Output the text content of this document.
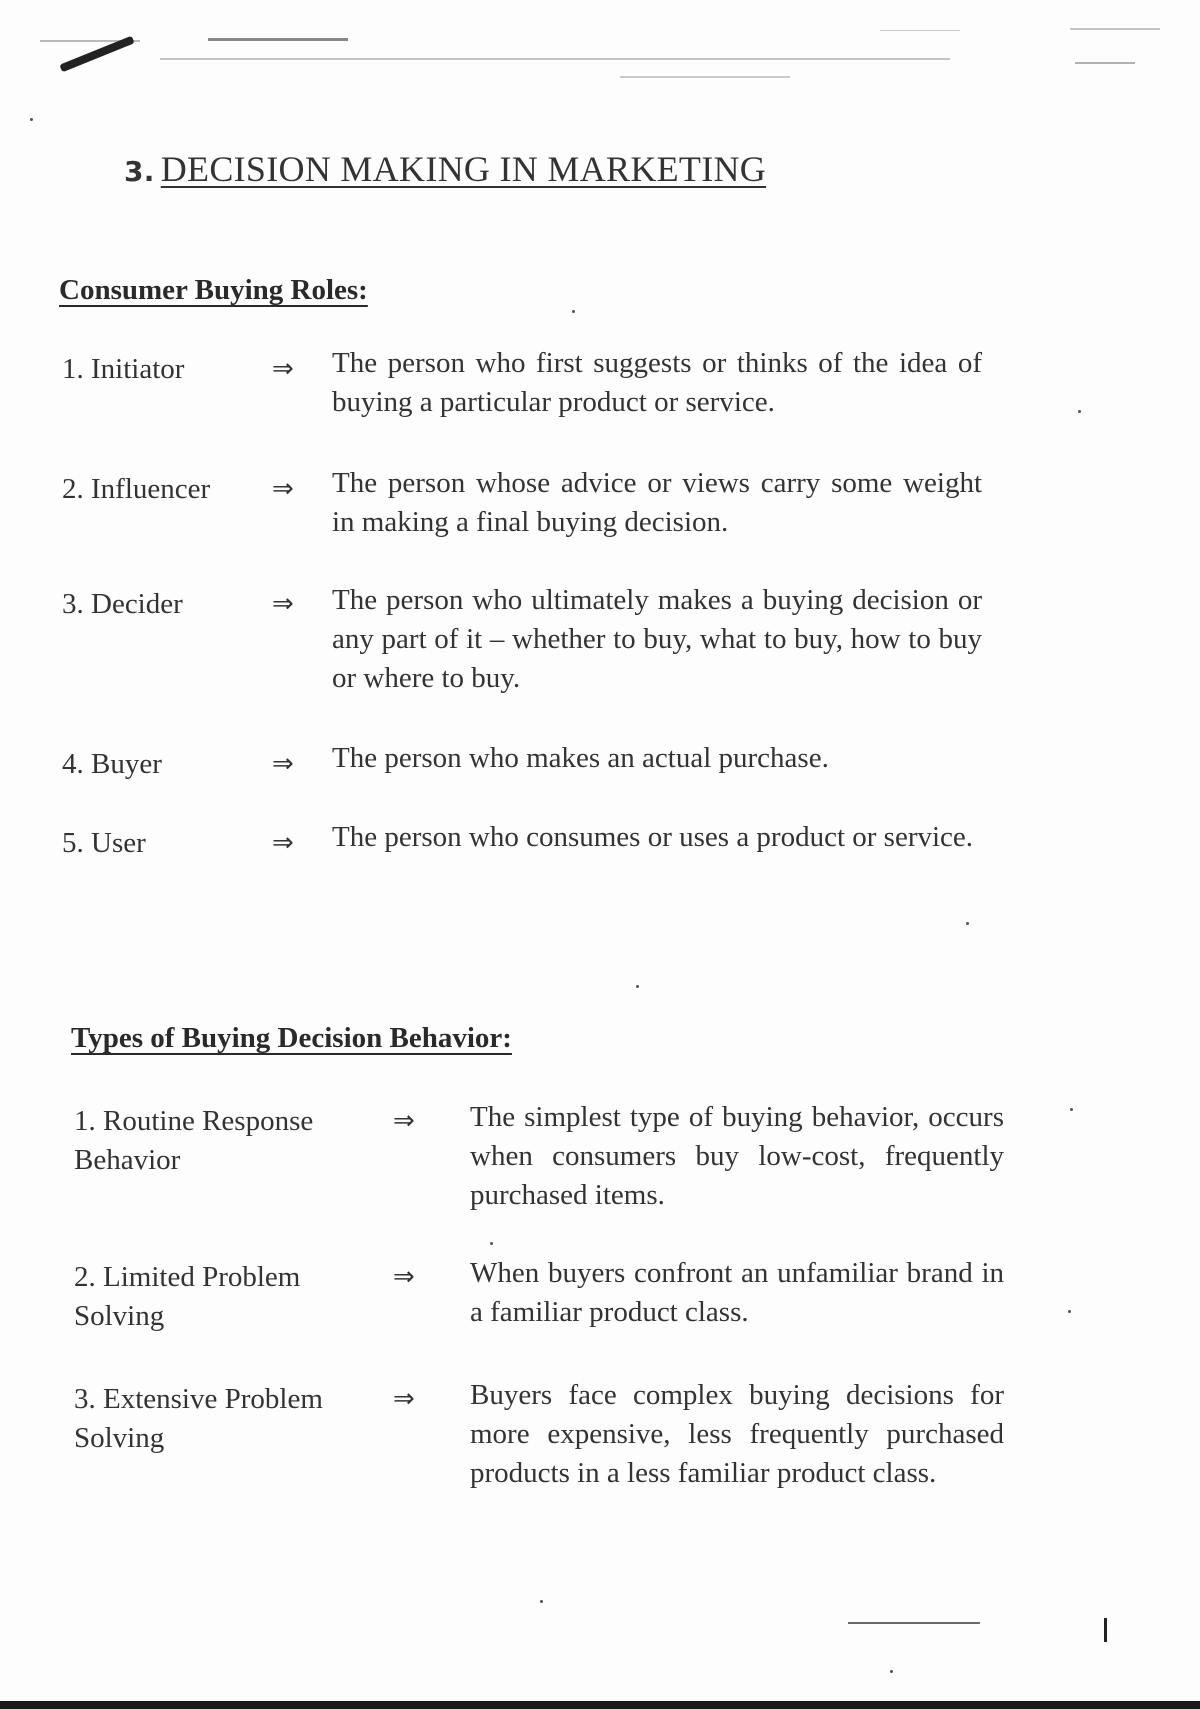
3. DECISION MAKING IN MARKETING
Consumer Buying Roles:
1. Initiator	⇒ The person who first suggests or thinks of the idea of buying a particular product or service.
2. Influencer ⇒ The person whose advice or views carry some weight in making a final buying decision.
3. Decider	⇒ The person who ultimately makes a buying decision or any part of it – whether to buy, what to buy, how to buy or where to buy.
4. Buyer	⇒ The person who makes an actual purchase.
5. User	⇒ The person who consumes or uses a product or service.
Types of Buying Decision Behavior:
1. Routine Response Behavior
⇒ The simplest type of buying behavior, occurs when consumers buy low-cost, frequently purchased items.
2. Limited Problem Solving
⇒ When buyers confront an unfamiliar brand in a familiar product class.
3. Extensive Problem Solving
⇒ Buyers face complex buying decisions for more expensive, less frequently purchased products in a less familiar product class.
